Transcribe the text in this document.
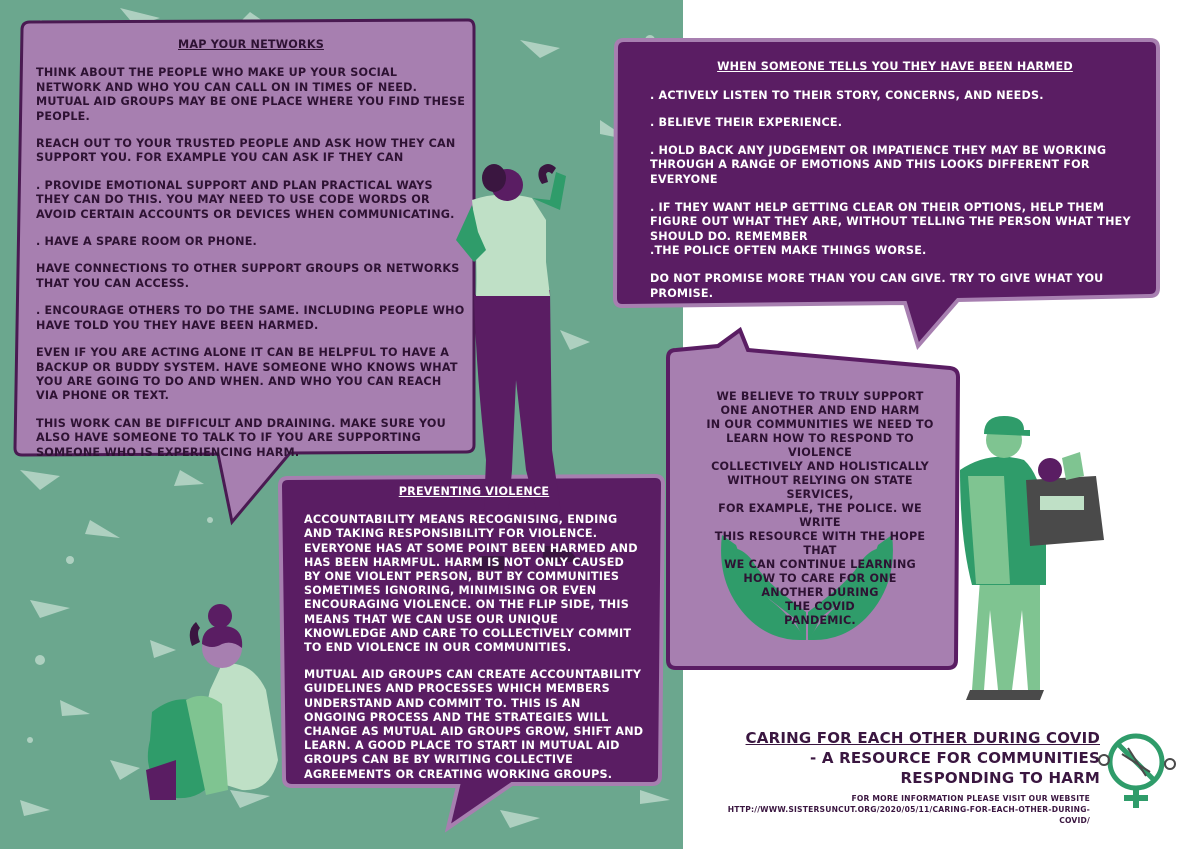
MAP YOUR NETWORKS
THINK ABOUT THE PEOPLE WHO MAKE UP YOUR SOCIAL NETWORK AND WHO YOU CAN CALL ON IN TIMES OF NEED. MUTUAL AID GROUPS MAY BE ONE PLACE WHERE YOU FIND THESE PEOPLE.
REACH OUT TO YOUR TRUSTED PEOPLE AND ASK HOW THEY CAN SUPPORT YOU. FOR EXAMPLE YOU CAN ASK IF THEY CAN
. PROVIDE EMOTIONAL SUPPORT AND PLAN PRACTICAL WAYS THEY CAN DO THIS. YOU MAY NEED TO USE CODE WORDS OR AVOID CERTAIN ACCOUNTS OR DEVICES WHEN COMMUNICATING.
. HAVE A SPARE ROOM OR PHONE.
HAVE CONNECTIONS TO OTHER SUPPORT GROUPS OR NETWORKS THAT YOU CAN ACCESS.
. ENCOURAGE OTHERS TO DO THE SAME. INCLUDING PEOPLE WHO HAVE TOLD YOU THEY HAVE BEEN HARMED.
EVEN IF YOU ARE ACTING ALONE IT CAN BE HELPFUL TO HAVE A BACKUP OR BUDDY SYSTEM. HAVE SOMEONE WHO KNOWS WHAT YOU ARE GOING TO DO AND WHEN. AND WHO YOU CAN REACH VIA PHONE OR TEXT.
THIS WORK CAN BE DIFFICULT AND DRAINING. MAKE SURE YOU ALSO HAVE SOMEONE TO TALK TO IF YOU ARE SUPPORTING SOMEONE WHO IS EXPERIENCING HARM.
WHEN SOMEONE TELLS YOU THEY HAVE BEEN HARMED
. ACTIVELY LISTEN TO THEIR STORY, CONCERNS, AND NEEDS.
. BELIEVE THEIR EXPERIENCE.
. HOLD BACK ANY JUDGEMENT OR IMPATIENCE THEY MAY BE WORKING THROUGH A RANGE OF EMOTIONS AND THIS LOOKS DIFFERENT FOR EVERYONE
. IF THEY WANT HELP GETTING CLEAR ON THEIR OPTIONS, HELP THEM FIGURE OUT WHAT THEY ARE, WITHOUT TELLING THE PERSON WHAT THEY SHOULD DO. REMEMBER
.THE POLICE OFTEN MAKE THINGS WORSE.
DO NOT PROMISE MORE THAN YOU CAN GIVE. TRY TO GIVE WHAT YOU PROMISE.
PREVENTING VIOLENCE
ACCOUNTABILITY MEANS RECOGNISING, ENDING AND TAKING RESPONSIBILITY FOR VIOLENCE. EVERYONE HAS AT SOME POINT BEEN HARMED AND HAS BEEN HARMFUL. HARM IS NOT ONLY CAUSED BY ONE VIOLENT PERSON, BUT BY COMMUNITIES SOMETIMES IGNORING, MINIMISING OR EVEN ENCOURAGING VIOLENCE. ON THE FLIP SIDE, THIS MEANS THAT WE CAN USE OUR UNIQUE KNOWLEDGE AND CARE TO COLLECTIVELY COMMIT TO END VIOLENCE IN OUR COMMUNITIES.
MUTUAL AID GROUPS CAN CREATE ACCOUNTABILITY GUIDELINES AND PROCESSES WHICH MEMBERS UNDERSTAND AND COMMIT TO. THIS IS AN ONGOING PROCESS AND THE STRATEGIES WILL CHANGE AS MUTUAL AID GROUPS GROW, SHIFT AND LEARN. A GOOD PLACE TO START IN MUTUAL AID GROUPS CAN BE BY WRITING COLLECTIVE AGREEMENTS OR CREATING WORKING GROUPS.
WE BELIEVE TO TRULY SUPPORT
ONE ANOTHER AND END HARM
IN OUR COMMUNITIES WE NEED TO
LEARN HOW TO RESPOND TO VIOLENCE
COLLECTIVELY AND HOLISTICALLY
WITHOUT RELYING ON STATE SERVICES,
FOR EXAMPLE, THE POLICE. WE WRITE
THIS RESOURCE WITH THE HOPE THAT
WE CAN CONTINUE LEARNING
HOW TO CARE FOR ONE
ANOTHER DURING
THE COVID
PANDEMIC.
CARING FOR EACH OTHER DURING COVID
- A RESOURCE FOR COMMUNITIES RESPONDING TO HARM
FOR MORE INFORMATION PLEASE VISIT OUR WEBSITE
HTTP://WWW.SISTERSUNCUT.ORG/2020/05/11/CARING-FOR-EACH-OTHER-DURING-COVID/
